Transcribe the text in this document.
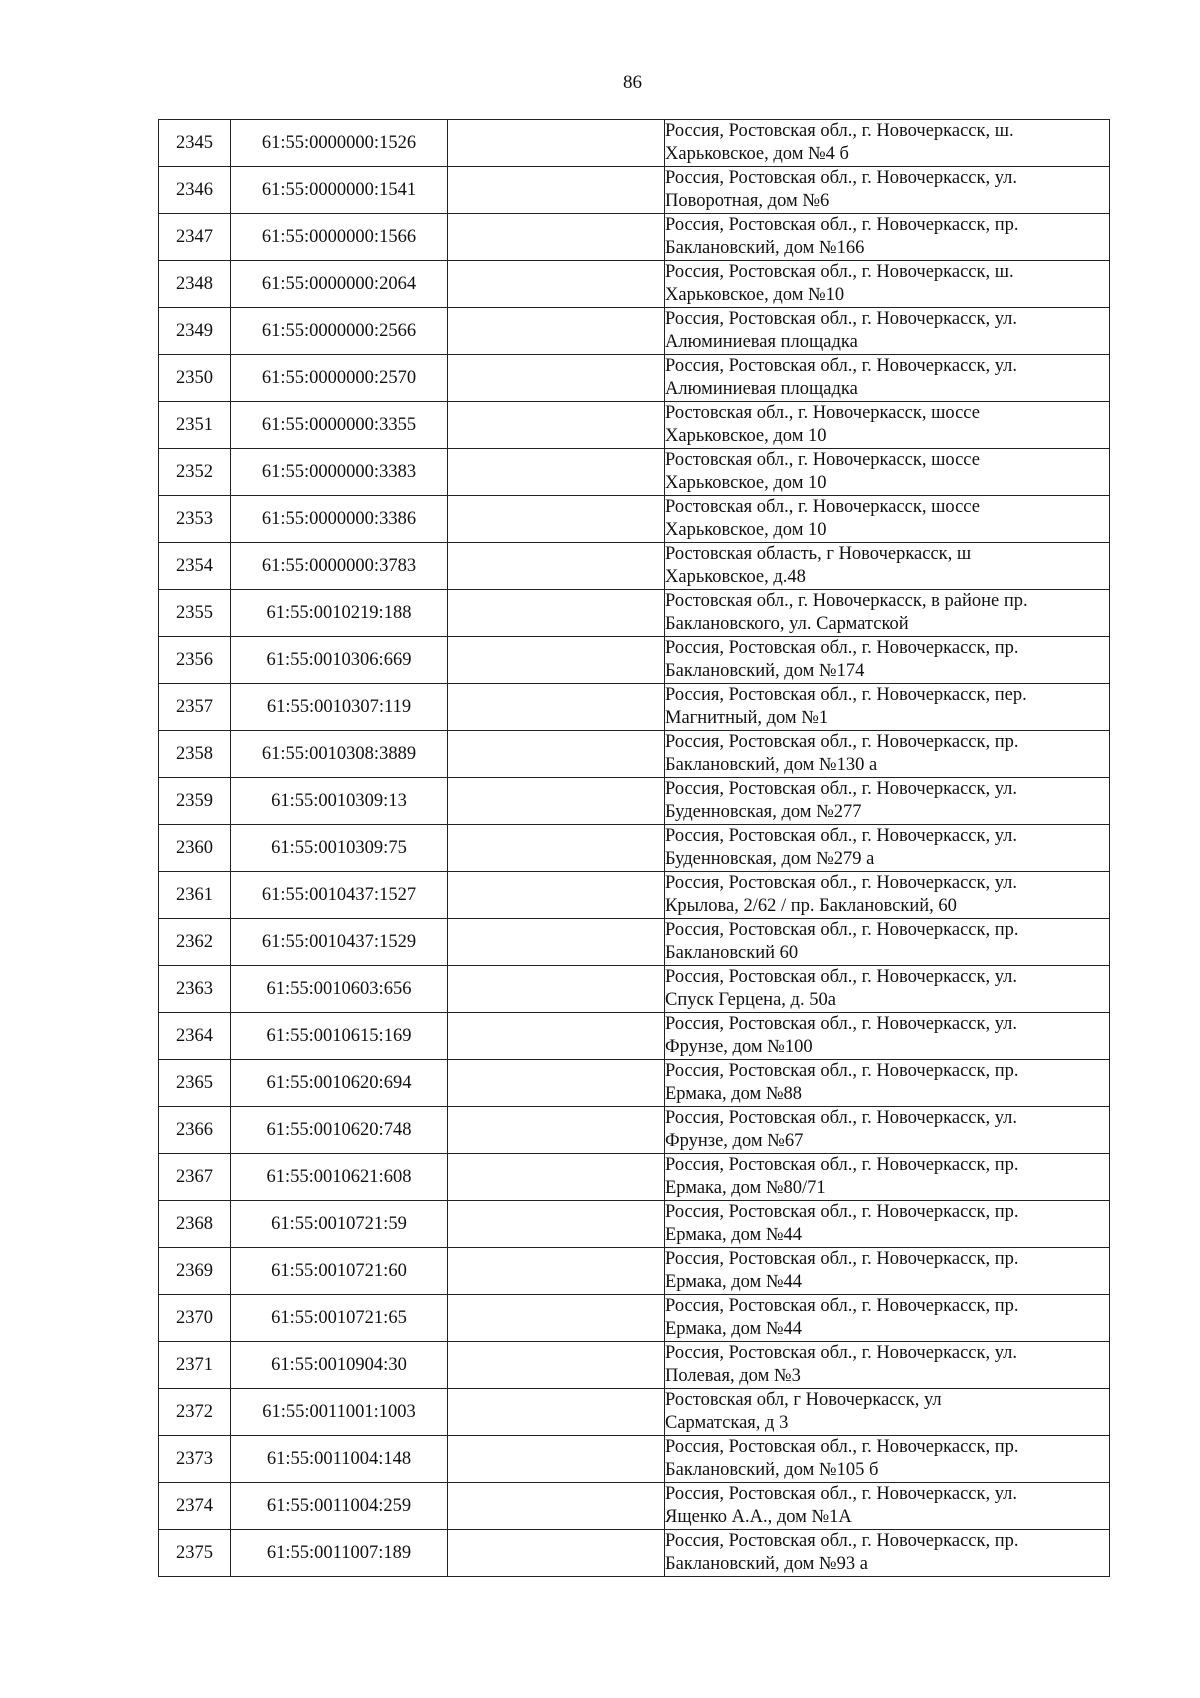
86
2345	61:55:0000000:1526		Россия, Ростовская обл., г. Новочеркасск, ш.
Харьковское, дом №4 б

2346	61:55:0000000:1541		Россия, Ростовская обл., г. Новочеркасск, ул.
Поворотная, дом №6

2347	61:55:0000000:1566		Россия, Ростовская обл., г. Новочеркасск, пр.
Баклановский, дом №166

2348	61:55:0000000:2064		Россия, Ростовская обл., г. Новочеркасск, ш.
Харьковское, дом №10

2349	61:55:0000000:2566		Россия, Ростовская обл., г. Новочеркасск, ул.
Алюминиевая площадка

2350	61:55:0000000:2570		Россия, Ростовская обл., г. Новочеркасск, ул.
Алюминиевая площадка

2351	61:55:0000000:3355		Ростовская обл., г. Новочеркасск, шоссе
Харьковское, дом 10

2352	61:55:0000000:3383		Ростовская обл., г. Новочеркасск, шоссе
Харьковское, дом 10

2353	61:55:0000000:3386		Ростовская обл., г. Новочеркасск, шоссе
Харьковское, дом 10

2354	61:55:0000000:3783		Ростовская область, г Новочеркасск, ш
Харьковское, д.48

2355	61:55:0010219:188		Ростовская обл., г. Новочеркасск, в районе пр.
Баклановского, ул. Сарматской

2356	61:55:0010306:669		Россия, Ростовская обл., г. Новочеркасск, пр.
Баклановский, дом №174

2357	61:55:0010307:119		Россия, Ростовская обл., г. Новочеркасск, пер.
Магнитный, дом №1

2358	61:55:0010308:3889		Россия, Ростовская обл., г. Новочеркасск, пр.
Баклановский, дом №130 а

2359	61:55:0010309:13		Россия, Ростовская обл., г. Новочеркасск, ул.
Буденновская, дом №277

2360	61:55:0010309:75		Россия, Ростовская обл., г. Новочеркасск, ул.
Буденновская, дом №279 а

2361	61:55:0010437:1527		Россия, Ростовская обл., г. Новочеркасск, ул.
Крылова, 2/62 / пр. Баклановский, 60

2362	61:55:0010437:1529		Россия, Ростовская обл., г. Новочеркасск, пр.
Баклановский 60

2363	61:55:0010603:656		Россия, Ростовская обл., г. Новочеркасск, ул.
Спуск Герцена, д. 50а

2364	61:55:0010615:169		Россия, Ростовская обл., г. Новочеркасск, ул.
Фрунзе, дом №100

2365	61:55:0010620:694		Россия, Ростовская обл., г. Новочеркасск, пр.
Ермака, дом №88

2366	61:55:0010620:748		Россия, Ростовская обл., г. Новочеркасск, ул.
Фрунзе, дом №67

2367	61:55:0010621:608		Россия, Ростовская обл., г. Новочеркасск, пр.
Ермака, дом №80/71

2368	61:55:0010721:59		Россия, Ростовская обл., г. Новочеркасск, пр.
Ермака, дом №44

2369	61:55:0010721:60		Россия, Ростовская обл., г. Новочеркасск, пр.
Ермака, дом №44

2370	61:55:0010721:65		Россия, Ростовская обл., г. Новочеркасск, пр.
Ермака, дом №44

2371	61:55:0010904:30		Россия, Ростовская обл., г. Новочеркасск, ул.
Полевая, дом №3

2372	61:55:0011001:1003		Ростовская обл, г Новочеркасск, ул
Сарматская, д 3

2373	61:55:0011004:148		Россия, Ростовская обл., г. Новочеркасск, пр.
Баклановский, дом №105 б

2374	61:55:0011004:259		Россия, Ростовская обл., г. Новочеркасск, ул.
Ященко А.А., дом №1А

2375	61:55:0011007:189		Россия, Ростовская обл., г. Новочеркасск, пр.
Баклановский, дом №93 а
